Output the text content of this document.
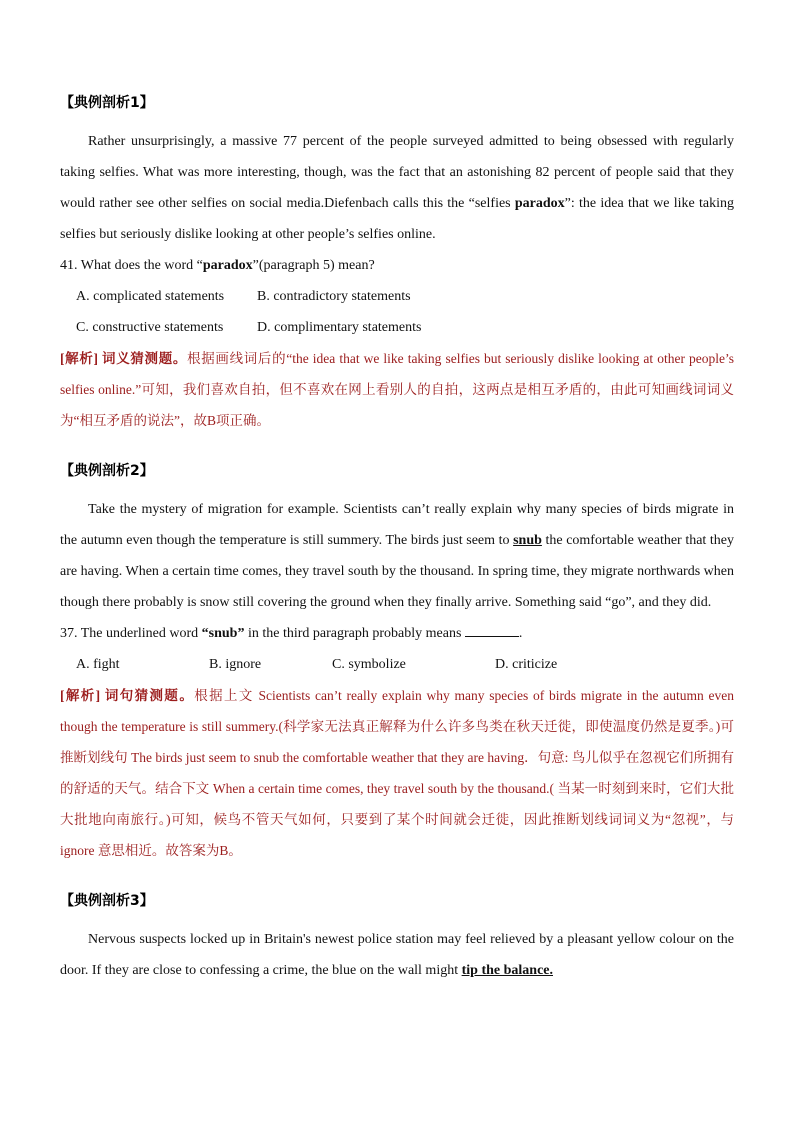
【典例剖析1】

Rather unsurprisingly, a massive 77 percent of the people surveyed admitted to being obsessed with regularly taking selfies. What was more interesting, though, was the fact that an astonishing 82 percent of people said that they would rather see other selfies on social media.Diefenbach calls this the “selfies paradox”: the idea that we like taking selfies but seriously dislike looking at other people’s selfies online.

41. What does the word “paradox”(paragraph 5) mean?

A. complicated statements	B. contradictory statements
C. constructive statements	D. complimentary statements

[解析] 词义猜测题。根据画线词后的“the idea that we like taking selfies but seriously dislike looking at other people’s selfies online.”可知，我们喜欢自拍，但不喜欢在网上看别人的自拍，这两点是相互矛盾的，由此可知画线词词义为“相互矛盾的说法”，故B项正确。

【典例剖析2】

Take the mystery of migration for example. Scientists can’t really explain why many species of birds migrate in the autumn even though the temperature is still summery. The birds just seem to snub the comfortable weather that they are having. When a certain time comes, they travel south by the thousand. In spring time, they migrate northwards when though there probably is snow still covering the ground when they finally arrive. Something said “go”, and they did.

37. The underlined word “snub” in the third paragraph probably means	.

A. fight	B. ignore	C. symbolize	D. criticize

[解析] 词句猜测题。根据上文 Scientists can’t really explain why many species of birds migrate in the autumn even though the temperature is still summery.(科学家无法真正解释为什么许多鸟类在秋天迁徙，即使温度仍然是夏季。)可推断划线句 The birds just seem to snub the comfortable weather that they are having．句意: 鸟儿似乎在忽视它们所拥有的舒适的天气。结合下文 When a certain time comes, they travel south by the thousand.( 当某一时刻到来时，它们大批大批地向南旅行。)可知，候鸟不管天气如何，只要到了某个时间就会迁徙，因此推断划线词词义为“忽视”，与ignore 意思相近。故答案为B。

【典例剖析3】

Nervous suspects locked up in Britain's newest police station may feel relieved by a pleasant yellow colour on the door. If they are close to confessing a crime, the blue on the wall might tip the balance.
